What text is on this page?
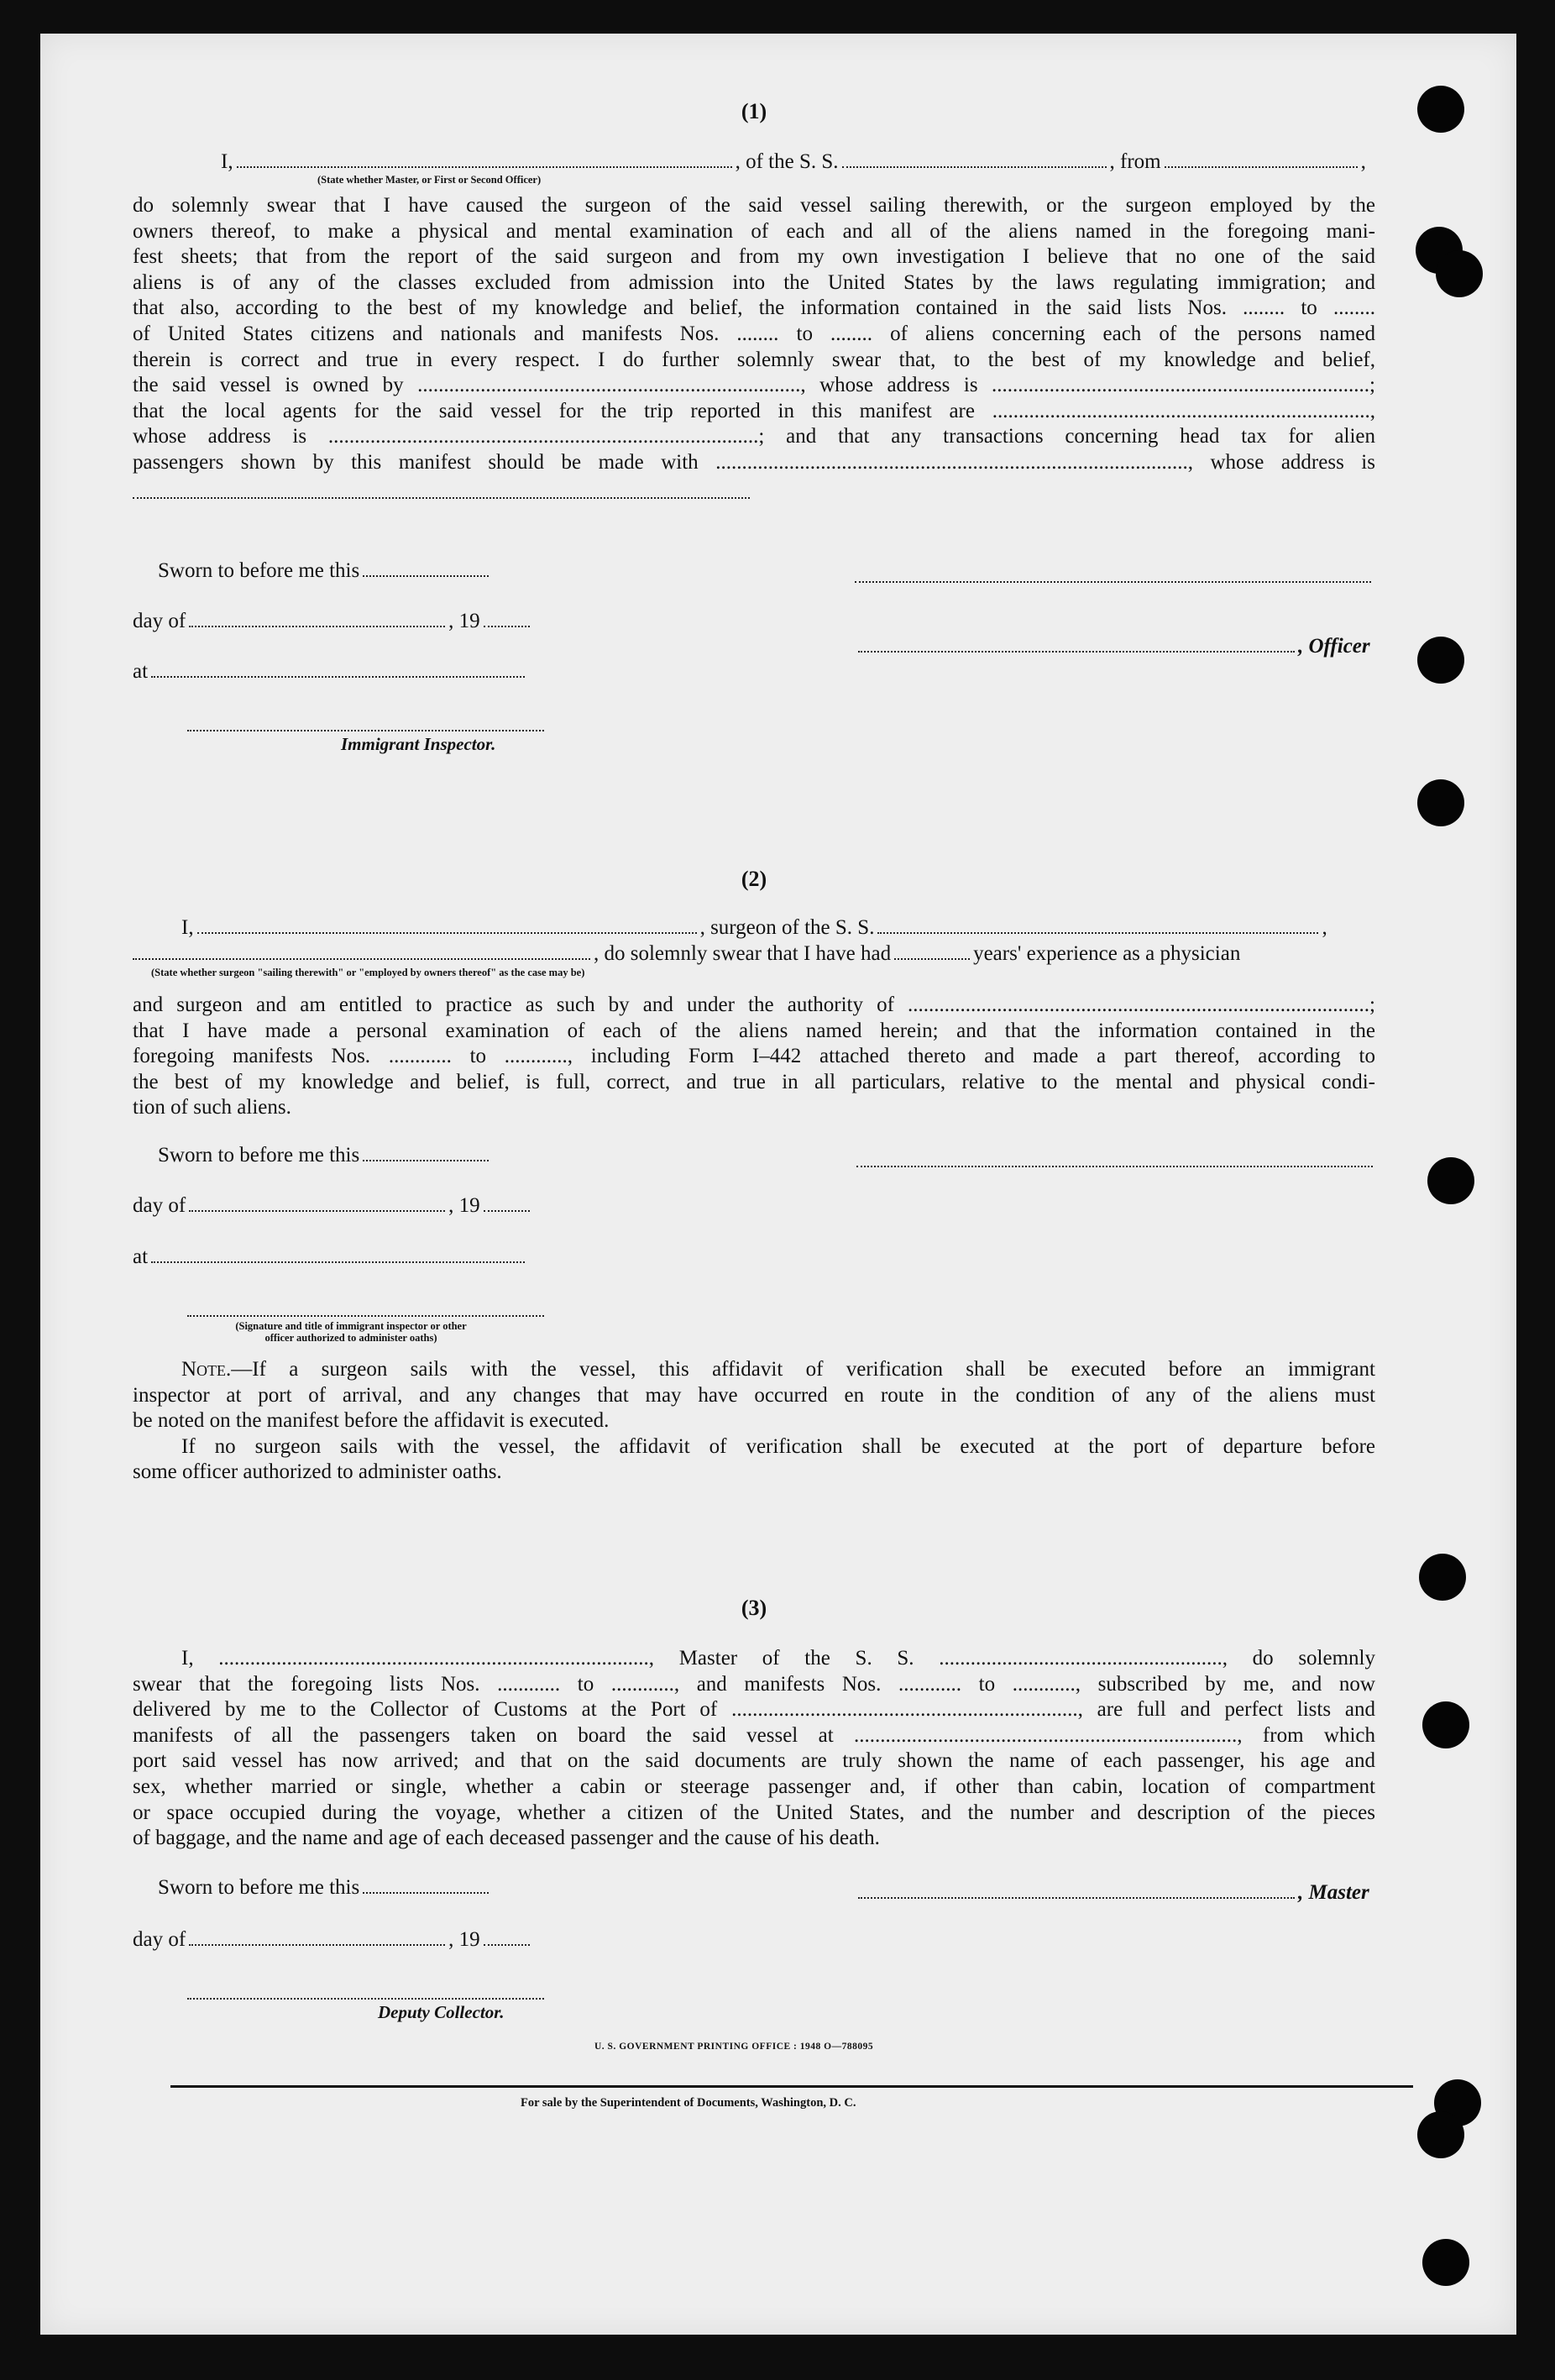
(1)
I,	, of the S. S.	, from	,
(State whether Master, or First or Second Officer)
do solemnly swear that I have caused the surgeon of the said vessel sailing therewith, or the surgeon employed by the
owners thereof, to make a physical and mental examination of each and all of the aliens named in the foregoing mani-
fest sheets; that from the report of the said surgeon and from my own investigation I believe that no one of the said
aliens is of any of the classes excluded from admission into the United States by the laws regulating immigration; and
that also, according to the best of my knowledge and belief, the information contained in the said lists Nos. ........ to ........
of United States citizens and nationals and manifests Nos. ........ to ........ of aliens concerning each of the persons named
therein is correct and true in every respect. I do further solemnly swear that, to the best of my knowledge and belief,
the said vessel is owned by ........................................................................., whose address is ........................................................................;
that the local agents for the said vessel for the trip reported in this manifest are ........................................................................,
whose address is ..................................................................................; and that any transactions concerning head tax for alien
passengers shown by this manifest should be made with .........................................................................................., whose address is
Sworn to before me this
day of	, 19
, Officer
at
Immigrant Inspector.
(2)
I,	, surgeon of the S. S.	,
, do solemnly swear that I have had	years' experience as a physician
(State whether surgeon "sailing therewith" or "employed by owners thereof" as the case may be)
and surgeon and am entitled to practice as such by and under the authority of ........................................................................................;
that I have made a personal examination of each of the aliens named herein; and that the information contained in the
foregoing manifests Nos. ............ to ............, including Form I–442 attached thereto and made a part thereof, according to
the best of my knowledge and belief, is full, correct, and true in all particulars, relative to the mental and physical condi-
tion of such aliens.
Sworn to before me this
day of	, 19
at
(Signature and title of immigrant inspector or other officer authorized to administer oaths)
Note.—If a surgeon sails with the vessel, this affidavit of verification shall be executed before an immigrant
inspector at port of arrival, and any changes that may have occurred en route in the condition of any of the aliens must
be noted on the manifest before the affidavit is executed.
If no surgeon sails with the vessel, the affidavit of verification shall be executed at the port of departure before
some officer authorized to administer oaths.
(3)
I, .................................................................................., Master of the S. S. ......................................................, do solemnly
swear that the foregoing lists Nos. ............ to ............, and manifests Nos. ............ to ............, subscribed by me, and now
delivered by me to the Collector of Customs at the Port of .................................................................., are full and perfect lists and
manifests of all the passengers taken on board the said vessel at ........................................................................., from which
port said vessel has now arrived; and that on the said documents are truly shown the name of each passenger, his age and
sex, whether married or single, whether a cabin or steerage passenger and, if other than cabin, location of compartment
or space occupied during the voyage, whether a citizen of the United States, and the number and description of the pieces
of baggage, and the name and age of each deceased passenger and the cause of his death.
Sworn to before me this	, Master
day of	, 19
Deputy Collector.
U. S. GOVERNMENT PRINTING OFFICE : 1948 O—788095
For sale by the Superintendent of Documents, Washington, D. C.
